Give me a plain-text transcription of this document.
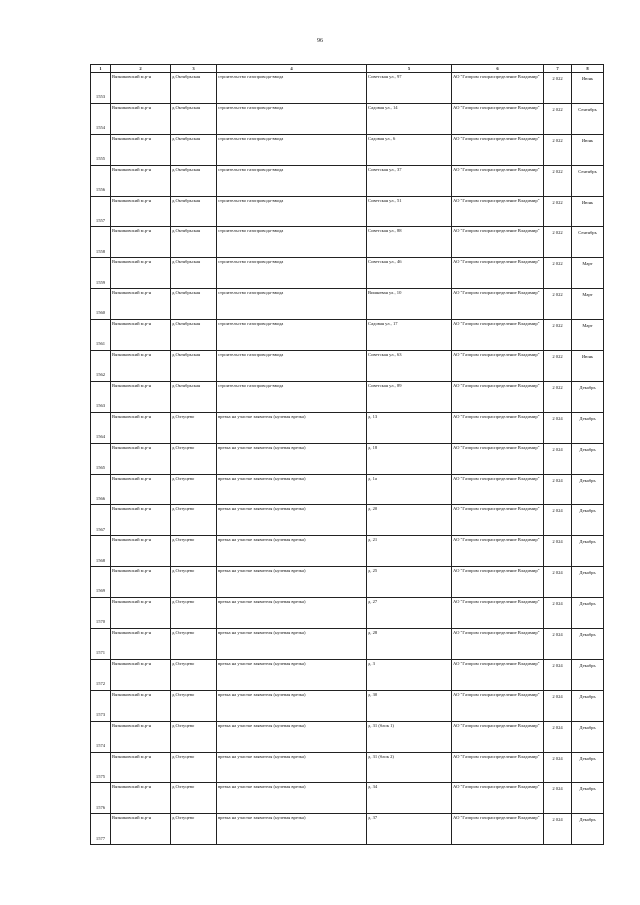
96
1	2	3	4	5	6	7	8
1553	Вязниковский м.р-н	д.Октябрьская	строительство газопровода-ввода	Советская ул., 97	АО "Газпром газораспределение Владимир"	2 022	Июнь
1554	Вязниковский м.р-н	д.Октябрьская	строительство газопровода-ввода	Садовая ул., 14	АО "Газпром газораспределение Владимир"	2 022	Сентябрь
1555	Вязниковский м.р-н	д.Октябрьская	строительство газопровода-ввода	Садовая ул., 6	АО "Газпром газораспределение Владимир"	2 022	Июнь
1556	Вязниковский м.р-н	д.Октябрьская	строительство газопровода-ввода	Советская ул., 37	АО "Газпром газораспределение Владимир"	2 022	Сентябрь
1557	Вязниковский м.р-н	д.Октябрьская	строительство газопровода-ввода	Советская ул., 51	АО "Газпром газораспределение Владимир"	2 022	Июнь
1558	Вязниковский м.р-н	д.Октябрьская	строительство газопровода-ввода	Советская ул., 88	АО "Газпром газораспределение Владимир"	2 022	Сентябрь
1559	Вязниковский м.р-н	д.Октябрьская	строительство газопровода-ввода	Советская ул., 46	АО "Газпром газораспределение Владимир"	2 022	Март
1560	Вязниковский м.р-н	д.Октябрьская	строительство газопровода-ввода	Вишневая ул., 10	АО "Газпром газораспределение Владимир"	2 022	Март
1561	Вязниковский м.р-н	д.Октябрьская	строительство газопровода-ввода	Садовая ул., 17	АО "Газпром газораспределение Владимир"	2 022	Март
1562	Вязниковский м.р-н	д.Октябрьская	строительство газопровода-ввода	Советская ул., 63	АО "Газпром газораспределение Владимир"	2 022	Июнь
1563	Вязниковский м.р-н	д.Октябрьская	строительство газопровода-ввода	Советская ул., 89	АО "Газпром газораспределение Владимир"	2 022	Декабрь
1564	Вязниковский м.р-н	д.Олтуцево	врезка на участке заявителя (нулевая врезка)	д. 13	АО "Газпром газораспределение Владимир"	2 024	Декабрь
1565	Вязниковский м.р-н	д.Олтуцево	врезка на участке заявителя (нулевая врезка)	д. 18	АО "Газпром газораспределение Владимир"	2 024	Декабрь
1566	Вязниковский м.р-н	д.Олтуцево	врезка на участке заявителя (нулевая врезка)	д. 1а	АО "Газпром газораспределение Владимир"	2 024	Декабрь
1567	Вязниковский м.р-н	д.Олтуцево	врезка на участке заявителя (нулевая врезка)	д. 20	АО "Газпром газораспределение Владимир"	2 024	Декабрь
1568	Вязниковский м.р-н	д.Олтуцево	врезка на участке заявителя (нулевая врезка)	д. 21	АО "Газпром газораспределение Владимир"	2 024	Декабрь
1569	Вязниковский м.р-н	д.Олтуцево	врезка на участке заявителя (нулевая врезка)	д. 25	АО "Газпром газораспределение Владимир"	2 024	Декабрь
1570	Вязниковский м.р-н	д.Олтуцево	врезка на участке заявителя (нулевая врезка)	д. 27	АО "Газпром газораспределение Владимир"	2 024	Декабрь
1571	Вязниковский м.р-н	д.Олтуцево	врезка на участке заявителя (нулевая врезка)	д. 28	АО "Газпром газораспределение Владимир"	2 024	Декабрь
1572	Вязниковский м.р-н	д.Олтуцево	врезка на участке заявителя (нулевая врезка)	д. 3	АО "Газпром газораспределение Владимир"	2 024	Декабрь
1573	Вязниковский м.р-н	д.Олтуцево	врезка на участке заявителя (нулевая врезка)	д. 30	АО "Газпром газораспределение Владимир"	2 024	Декабрь
1574	Вязниковский м.р-н	д.Олтуцево	врезка на участке заявителя (нулевая врезка)	д. 31 (блок 1)	АО "Газпром газораспределение Владимир"	2 024	Декабрь
1575	Вязниковский м.р-н	д.Олтуцево	врезка на участке заявителя (нулевая врезка)	д. 31 (блок 2)	АО "Газпром газораспределение Владимир"	2 024	Декабрь
1576	Вязниковский м.р-н	д.Олтуцево	врезка на участке заявителя (нулевая врезка)	д. 34	АО "Газпром газораспределение Владимир"	2 024	Декабрь
1577	Вязниковский м.р-н	д.Олтуцево	врезка на участке заявителя (нулевая врезка)	д. 37	АО "Газпром газораспределение Владимир"	2 024	Декабрь
